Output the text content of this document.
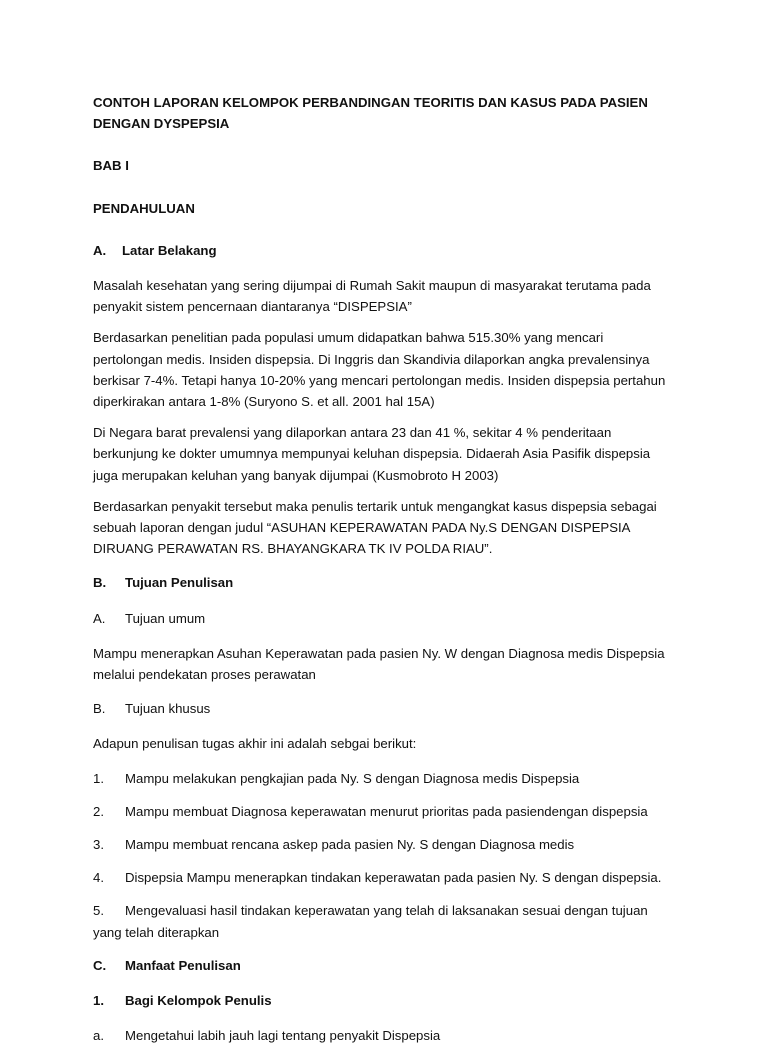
CONTOH LAPORAN KELOMPOK PERBANDINGAN TEORITIS DAN KASUS PADA PASIEN DENGAN DYSPEPSIA
BAB I
PENDAHULUAN
A.	Latar Belakang

Masalah kesehatan yang sering dijumpai di Rumah Sakit maupun di masyarakat terutama pada penyakit sistem pencernaan diantaranya “DISPEPSIA”

Berdasarkan penelitian pada populasi umum didapatkan bahwa 515.30% yang mencari pertolongan medis. Insiden dispepsia. Di Inggris dan Skandivia dilaporkan angka prevalensinya berkisar 7-4%. Tetapi hanya 10-20% yang mencari pertolongan medis. Insiden dispepsia pertahun diperkirakan antara 1-8% (Suryono S. et all. 2001 hal 15A)

Di Negara barat prevalensi yang dilaporkan antara 23 dan 41 %, sekitar 4 % penderitaan berkunjung ke dokter umumnya mempunyai keluhan dispepsia. Didaerah Asia Pasifik dispepsia juga merupakan keluhan yang banyak dijumpai (Kusmobroto H 2003)

Berdasarkan penyakit tersebut maka penulis tertarik untuk mengangkat kasus dispepsia sebagai sebuah laporan dengan judul “ASUHAN KEPERAWATAN PADA Ny.S DENGAN DISPEPSIA DIRUANG PERAWATAN RS. BHAYANGKARA TK IV POLDA RIAU”.

B.	Tujuan Penulisan
A.	Tujuan umum

Mampu menerapkan Asuhan Keperawatan pada pasien Ny. W dengan Diagnosa medis Dispepsia melalui pendekatan proses perawatan

B.	Tujuan khusus

Adapun penulisan tugas akhir ini adalah sebgai berikut:

1.	Mampu melakukan pengkajian pada Ny. S dengan Diagnosa medis Dispepsia
2.	Mampu membuat Diagnosa keperawatan menurut prioritas pada pasiendengan dispepsia
3.	Mampu membuat rencana askep pada pasien Ny. S dengan Diagnosa medis
4.	Dispepsia Mampu menerapkan tindakan keperawatan pada pasien Ny. S dengan dispepsia.
5. Mengevaluasi hasil tindakan keperawatan yang telah di laksanakan sesuai dengan tujuan yang telah diterapkan
C.	Manfaat Penulisan
1.	Bagi Kelompok Penulis
a.	Mengetahui labih jauh lagi tentang penyakit Dispepsia
